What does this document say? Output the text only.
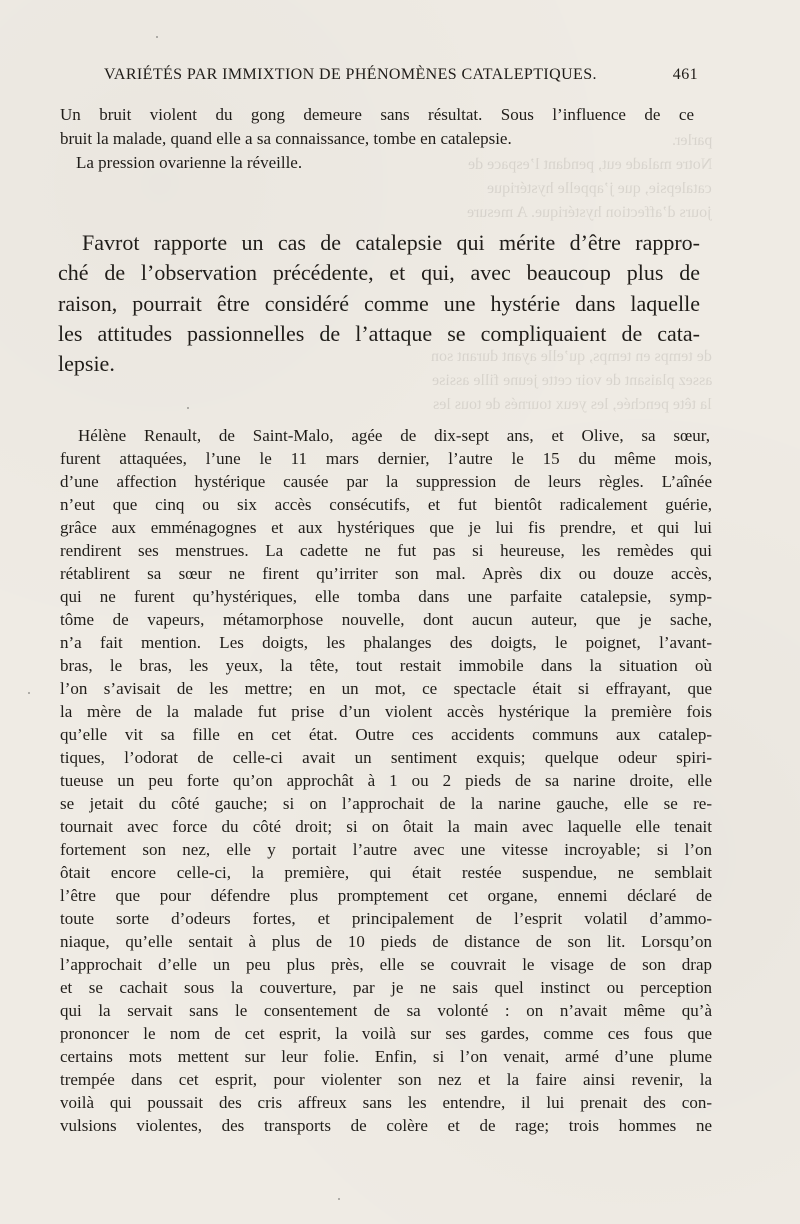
parler.
Notre malade eut, pendant l’espace de
catalepsie, que j’appelle hystérique
jours d’affection hystérique. A mesure
de temps en temps, qu’elle ayant durant son
assez plaisant de voir cette jeune fille assise
la tête penchée, les yeux tournés de tous les
VARIÉTÉS PAR IMMIXTION DE PHÉNOMÈNES CATALEPTIQUES.	461
Un bruit violent du gong demeure sans résultat. Sous l’influence de ce
bruit la malade, quand elle a sa connaissance, tombe en catalepsie.
La pression ovarienne la réveille.
Favrot rapporte un cas de catalepsie qui mérite d’être rappro-
ché de l’observation précédente, et qui, avec beaucoup plus de
raison, pourrait être considéré comme une hystérie dans laquelle
les attitudes passionnelles de l’attaque se compliquaient de cata-
lepsie.
Hélène Renault, de Saint-Malo, agée de dix-sept ans, et Olive, sa sœur,
furent attaquées, l’une le 11 mars dernier, l’autre le 15 du même mois,
d’une affection hystérique causée par la suppression de leurs règles. L’aînée
n’eut que cinq ou six accès consécutifs, et fut bientôt radicalement guérie,
grâce aux emménagognes et aux hystériques que je lui fis prendre, et qui lui
rendirent ses menstrues. La cadette ne fut pas si heureuse, les remèdes qui
rétablirent sa sœur ne firent qu’irriter son mal. Après dix ou douze accès,
qui ne furent qu’hystériques, elle tomba dans une parfaite catalepsie, symp-
tôme de vapeurs, métamorphose nouvelle, dont aucun auteur, que je sache,
n’a fait mention. Les doigts, les phalanges des doigts, le poignet, l’avant-
bras, le bras, les yeux, la tête, tout restait immobile dans la situation où
l’on s’avisait de les mettre; en un mot, ce spectacle était si effrayant, que
la mère de la malade fut prise d’un violent accès hystérique la première fois
qu’elle vit sa fille en cet état. Outre ces accidents communs aux catalep-
tiques, l’odorat de celle-ci avait un sentiment exquis; quelque odeur spiri-
tueuse un peu forte qu’on approchât à 1 ou 2 pieds de sa narine droite, elle
se jetait du côté gauche; si on l’approchait de la narine gauche, elle se re-
tournait avec force du côté droit; si on ôtait la main avec laquelle elle tenait
fortement son nez, elle y portait l’autre avec une vitesse incroyable; si l’on
ôtait encore celle-ci, la première, qui était restée suspendue, ne semblait
l’être que pour défendre plus promptement cet organe, ennemi déclaré de
toute sorte d’odeurs fortes, et principalement de l’esprit volatil d’ammo-
niaque, qu’elle sentait à plus de 10 pieds de distance de son lit. Lorsqu’on
l’approchait d’elle un peu plus près, elle se couvrait le visage de son drap
et se cachait sous la couverture, par je ne sais quel instinct ou perception
qui la servait sans le consentement de sa volonté : on n’avait même qu’à
prononcer le nom de cet esprit, la voilà sur ses gardes, comme ces fous que
certains mots mettent sur leur folie. Enfin, si l’on venait, armé d’une plume
trempée dans cet esprit, pour violenter son nez et la faire ainsi revenir, la
voilà qui poussait des cris affreux sans les entendre, il lui prenait des con-
vulsions violentes, des transports de colère et de rage; trois hommes ne
